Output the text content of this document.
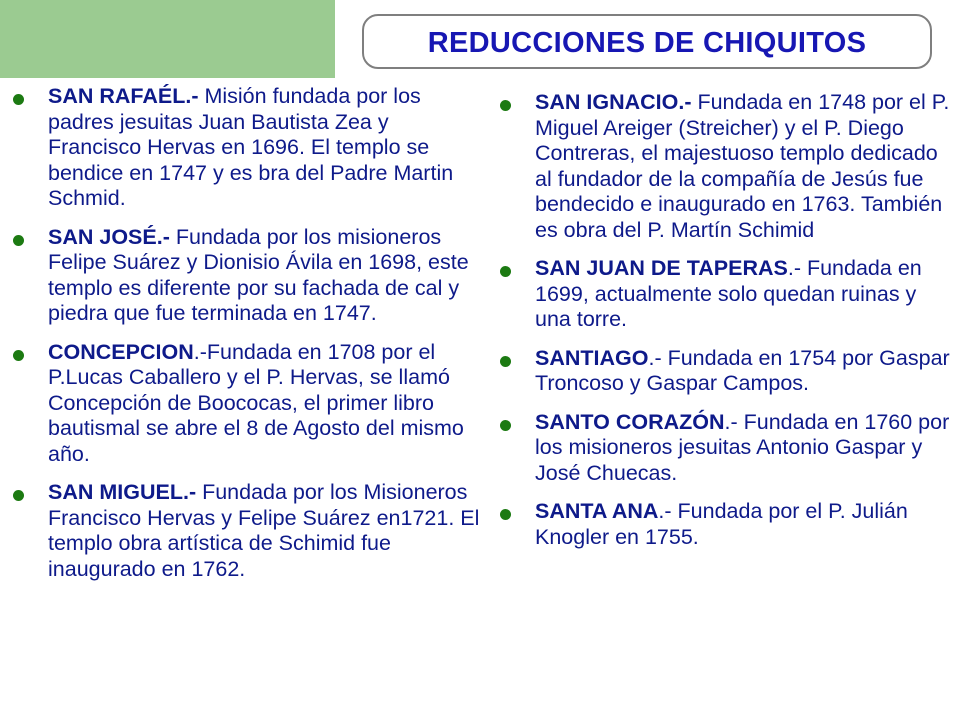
REDUCCIONES DE CHIQUITOS
SAN RAFAÉL.- Misión fundada por los padres jesuitas Juan Bautista Zea y Francisco Hervas en 1696. El templo se bendice en 1747 y es bra del Padre Martin Schmid.
SAN JOSÉ.- Fundada por los misioneros Felipe Suárez y Dionisio Ávila en 1698, este templo es diferente por su fachada de cal y piedra que fue terminada en 1747.
CONCEPCION.-Fundada en 1708 por el P.Lucas Caballero y el P. Hervas, se llamó Concepción de Boococas, el primer libro bautismal se abre el 8 de Agosto del mismo año.
SAN MIGUEL.- Fundada por los Misioneros Francisco Hervas y Felipe Suárez en1721. El templo obra artística de Schimid fue inaugurado en 1762.
SAN IGNACIO.- Fundada en 1748 por el P. Miguel Areiger (Streicher) y el P. Diego Contreras, el majestuoso templo dedicado al fundador de la compañía de Jesús fue bendecido e inaugurado en 1763. También es obra del P. Martín Schimid
SAN JUAN DE TAPERAS.- Fundada en 1699, actualmente solo quedan ruinas y una torre.
SANTIAGO.- Fundada en 1754 por Gaspar Troncoso y Gaspar Campos.
SANTO CORAZÓN.- Fundada en 1760 por los misioneros jesuitas Antonio Gaspar y José Chuecas.
SANTA ANA.- Fundada por el P. Julián Knogler en 1755.
